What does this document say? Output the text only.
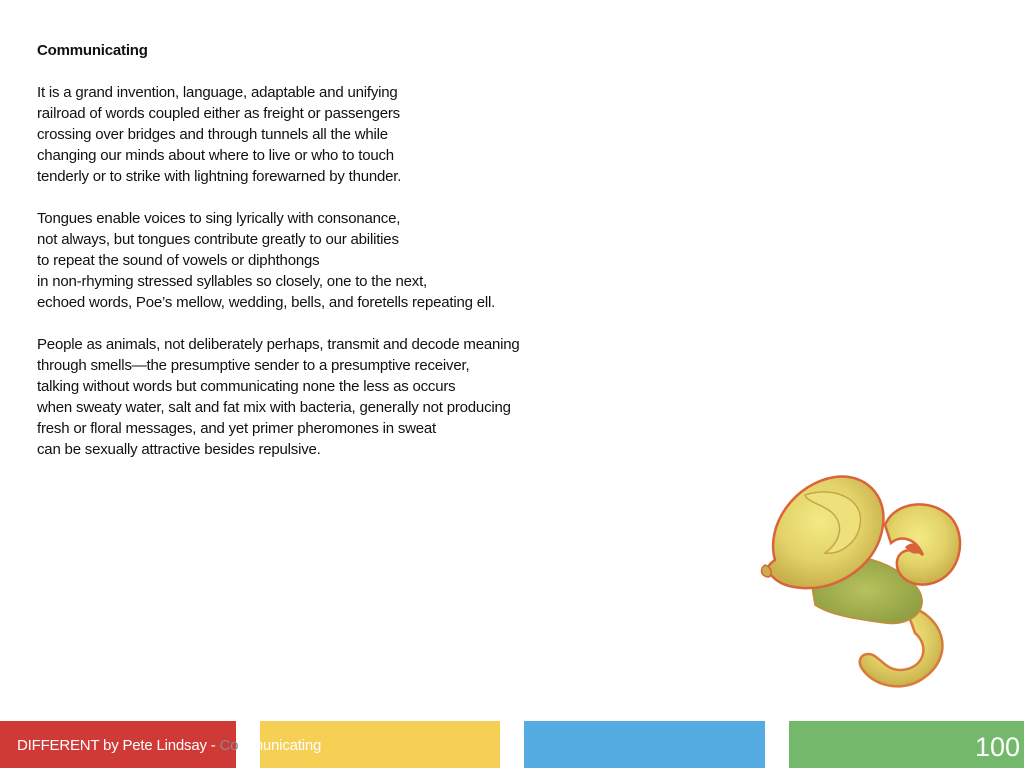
Communicating
It is a grand invention, language, adaptable and unifying
railroad of words coupled either as freight or passengers
crossing over bridges and through tunnels all the while
changing our minds about where to live or who to touch
tenderly or to strike with lightning forewarned by thunder.
Tongues enable voices to sing lyrically with consonance,
not always, but tongues contribute greatly to our abilities
to repeat the sound of vowels or diphthongs
in non-rhyming stressed syllables so closely, one to the next,
echoed words, Poe’s mellow, wedding, bells, and foretells repeating ell.
People as animals, not deliberately perhaps, transmit and decode meaning
through smells—the presumptive sender to a presumptive receiver,
talking without words but communicating none the less as occurs
when sweaty water, salt and fat mix with bacteria, generally not producing
fresh or floral messages, and yet primer pheromones in sweat
can be sexually attractive besides repulsive.
DIFFERENT by Pete Lindsay - Communicating	100
